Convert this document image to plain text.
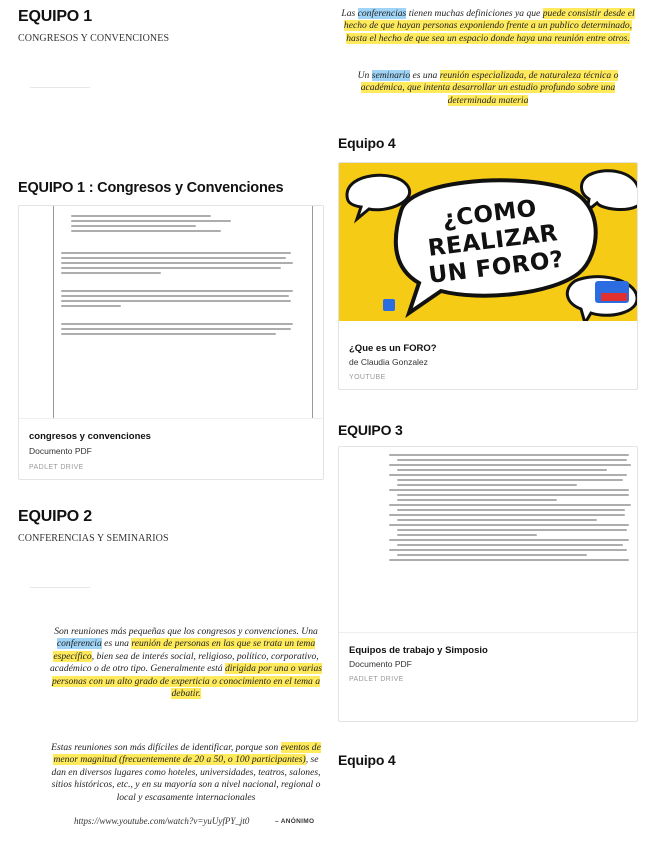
EQUIPO 1
CONGRESOS Y CONVENCIONES
EQUIPO 1 : Congresos y Convenciones
congresos y convenciones
Documento PDF
PADLET DRIVE
EQUIPO 2
CONFERENCIAS Y SEMINARIOS
Son reuniones más pequeñas que los congresos y convenciones. Una conferencia es una reunión de personas en las que se trata un tema específico, bien sea de interés social, religioso, político, corporativo, académico o de otro tipo. Generalmente está dirigida por una o varias personas con un alto grado de experticia o conocimiento en el tema a debatir.
Estas reuniones son más difíciles de identificar, porque son eventos de menor magnitud (frecuentemente de 20 a 50, o 100 participantes), se dan en diversos lugares como hoteles, universidades, teatros, salones, sitios históricos, etc., y en su mayoría son a nivel nacional, regional o local y escasamente internacionales
https://www.youtube.com/watch?v=yuUyfPY_jt0	– ANÓNIMO
Las conferencias tienen muchas definiciones ya que puede consistir desde el hecho de que hayan personas exponiendo frente a un publico determinado, hasta el hecho de que sea un espacio donde haya una reunión entre otros.
Un seminario es una reunión especializada, de naturaleza técnica o académica, que intenta desarrollar un estudio profundo sobre una determinada materia
Equipo 4
¿COMO REALIZAR UN FORO?
¿Que es un FORO?
de Claudia Gonzalez
YOUTUBE
EQUIPO 3
Equipos de trabajo y Simposio
Documento PDF
PADLET DRIVE
Equipo 4
